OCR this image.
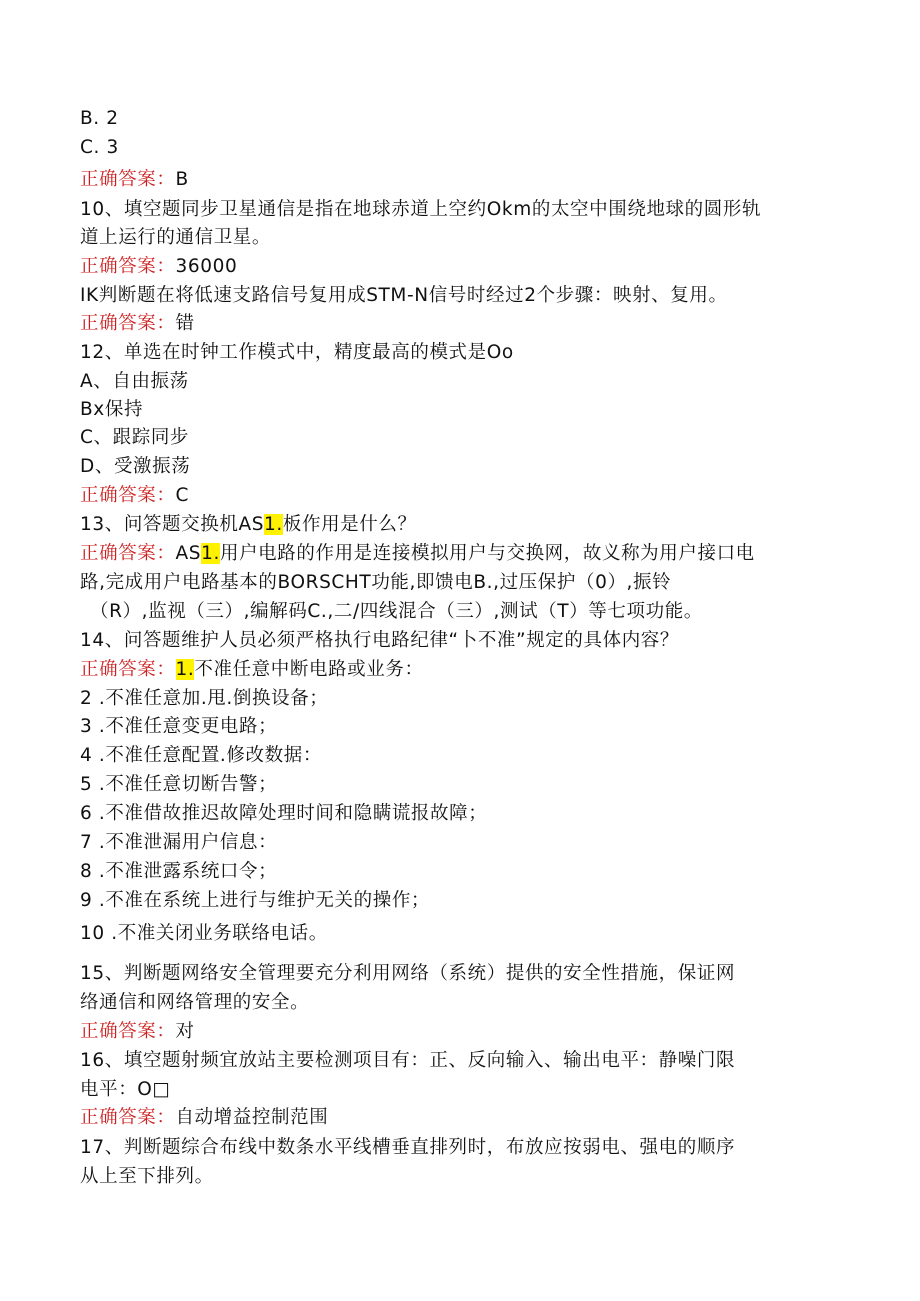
B. 2

C. 3

正确答案：B

10、填空题同步卫星通信是指在地球赤道上空约Okm的太空中围绕地球的圆形轨

道上运行的通信卫星。

正确答案：36000

IK判断题在将低速支路信号复用成STM-N信号时经过2个步骤：映射、复用。

正确答案：错

12、单选在时钟工作模式中，精度最高的模式是Oo

A、自由振荡

Bx保持

C、跟踪同步

D、受激振荡

正确答案：C

13、问答题交换机AS1.板作用是什么？

正确答案：AS1.用户电路的作用是连接模拟用户与交换网，故义称为用户接口电

路,完成用户电路基本的BORSCHT功能,即馈电B.,过压保护（0）,振铃

（R）,监视（三）,编解码C.,二/四线混合（三）,测试（T）等七项功能。

14、问答题维护人员必须严格执行电路纪律“卜不准”规定的具体内容？

正确答案：1.不准任意中断电路或业务：

2 .不准任意加.甩.倒换设备；

3 .不准任意变更电路；

4 .不准任意配置.修改数据：

5 .不准任意切断告警；

6 .不准借故推迟故障处理时间和隐瞒谎报故障；

7 .不准泄漏用户信息：

8 .不准泄露系统口令；

9 .不准在系统上进行与维护无关的操作；

10 .不准关闭业务联络电话。

15、判断题网络安全管理要充分利用网络（系统）提供的安全性措施，保证网

络通信和网络管理的安全。

正确答案：对

16、填空题射频宜放站主要检测项目有：正、反向输入、输出电平：静噪门限

电平：O□

正确答案：自动增益控制范围

17、判断题综合布线中数条水平线槽垂直排列时，布放应按弱电、强电的顺序

从上至下排列。
